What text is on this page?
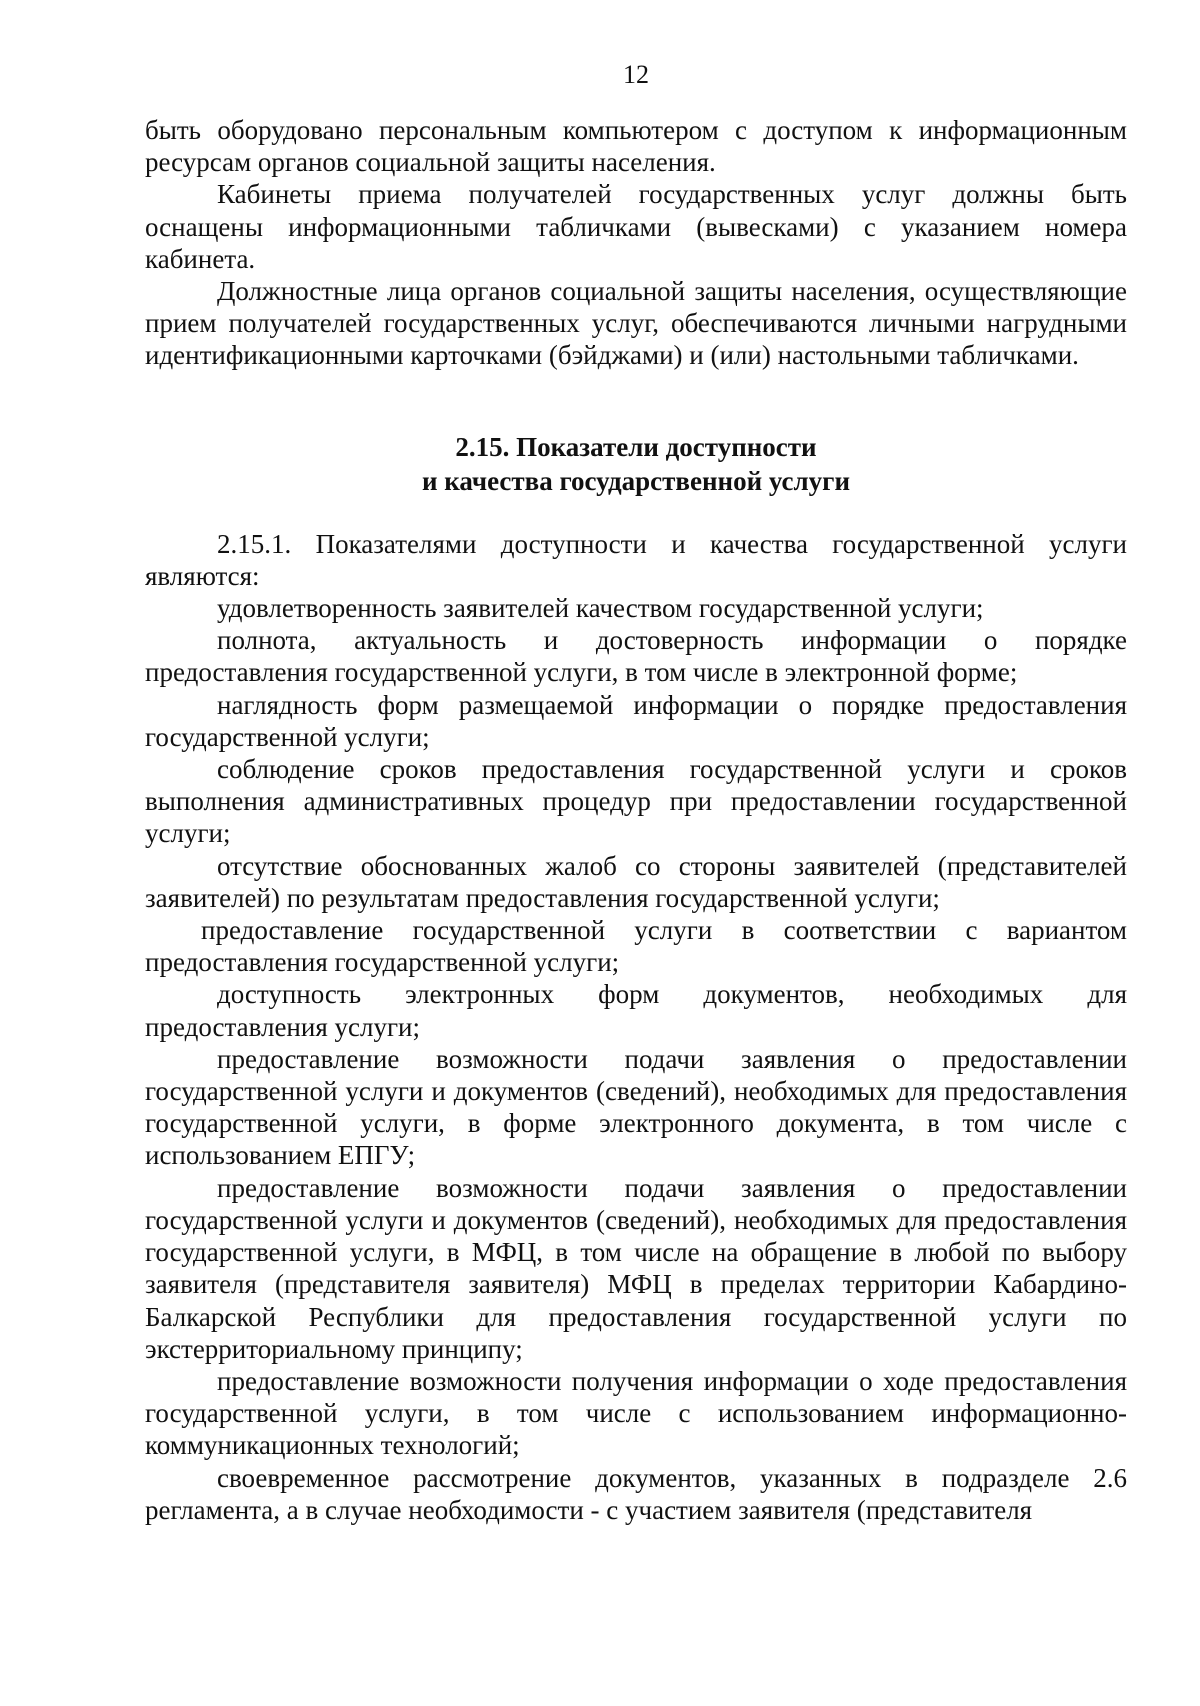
12

быть оборудовано персональным компьютером с доступом к информационным ресурсам органов социальной защиты населения.

Кабинеты приема получателей государственных услуг должны быть оснащены информационными табличками (вывесками) с указанием номера кабинета.

Должностные лица органов социальной защиты населения, осуществляющие прием получателей государственных услуг, обеспечиваются личными нагрудными идентификационными карточками (бэйджами) и (или) настольными табличками.

2.15. Показатели доступности
и качества государственной услуги

2.15.1. Показателями доступности и качества государственной услуги являются:

удовлетворенность заявителей качеством государственной услуги;

полнота, актуальность и достоверность информации о порядке предоставления государственной услуги, в том числе в электронной форме;

наглядность форм размещаемой информации о порядке предоставления государственной услуги;

соблюдение сроков предоставления государственной услуги и сроков выполнения административных процедур при предоставлении государственной услуги;

отсутствие обоснованных жалоб со стороны заявителей (представителей заявителей) по результатам предоставления государственной услуги;

предоставление государственной услуги в соответствии с вариантом предоставления государственной услуги;

доступность электронных форм документов, необходимых для предоставления услуги;

предоставление возможности подачи заявления о предоставлении государственной услуги и документов (сведений), необходимых для предоставления государственной услуги, в форме электронного документа, в том числе с использованием ЕПГУ;

предоставление возможности подачи заявления о предоставлении государственной услуги и документов (сведений), необходимых для предоставления государственной услуги, в МФЦ, в том числе на обращение в любой по выбору заявителя (представителя заявителя) МФЦ в пределах территории Кабардино-Балкарской Республики для предоставления государственной услуги по экстерриториальному принципу;

предоставление возможности получения информации о ходе предоставления государственной услуги, в том числе с использованием информационно-коммуникационных технологий;

своевременное рассмотрение документов, указанных в подразделе 2.6 регламента, а в случае необходимости - с участием заявителя (представителя
